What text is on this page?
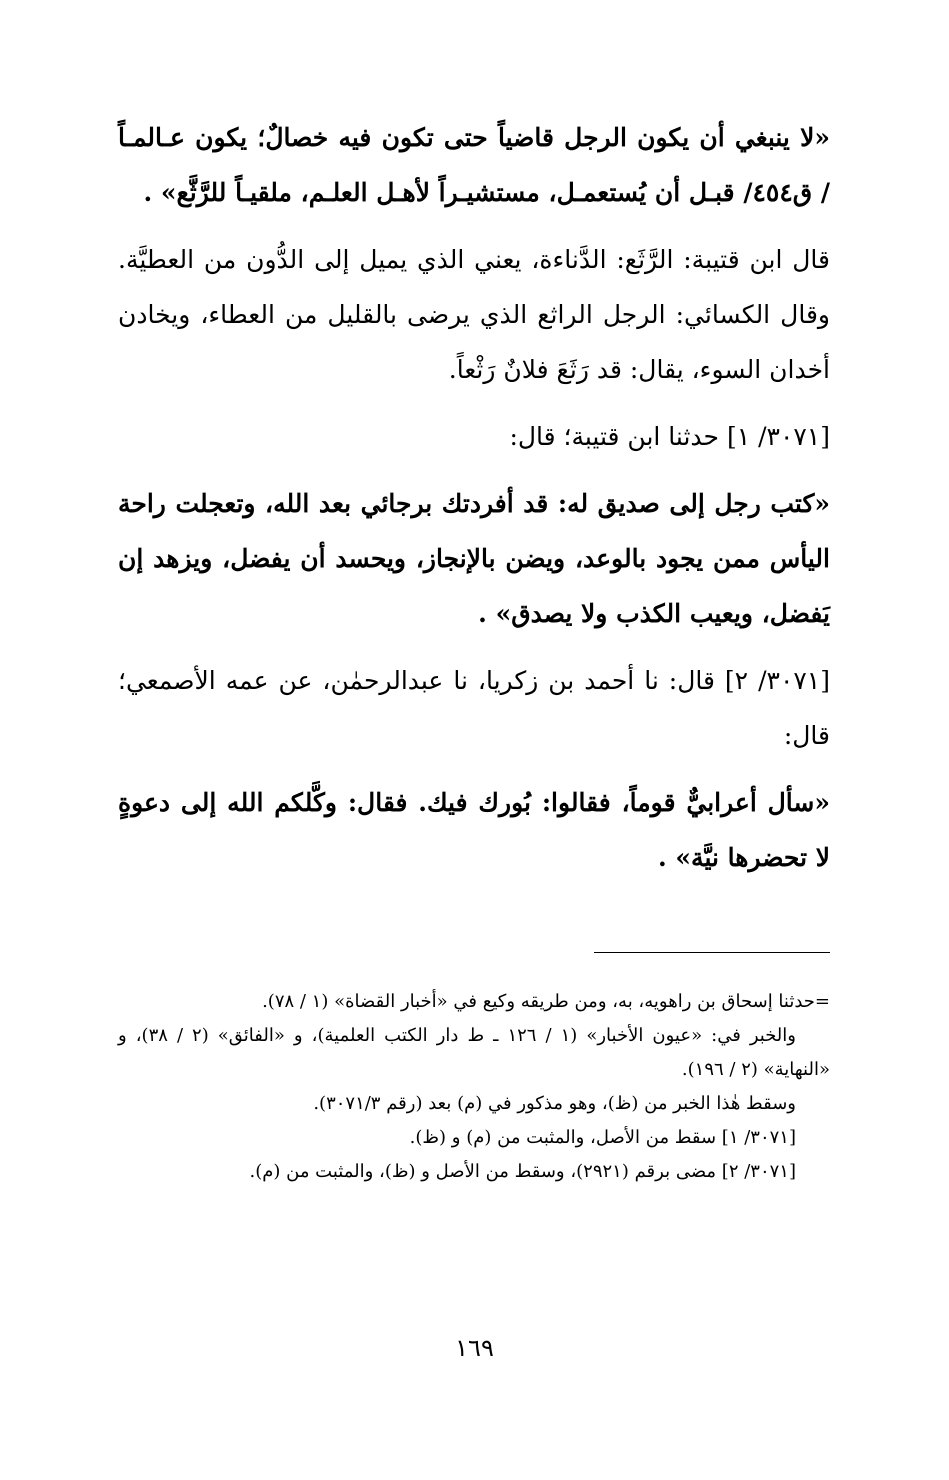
«لا ينبغي أن يكون الرجل قاضياً حتى تكون فيه خصالٌ؛ يكون عـالمـاً / ق٤٥٤/ قبـل أن يُستعمـل، مستشيـراً لأهـل العلـم، ملقيـاً للرَّثَّع» .

قال ابن قتيبة: الرَّثَع: الدَّناءة، يعني الذي يميل إلى الدُّون من العطيَّة. وقال الكسائي: الرجل الراثع الذي يرضى بالقليل من العطاء، ويخادن أخدان السوء، يقال: قد رَثَعَ فلانٌ رَثْعاً.

[٣٠٧١/ ١] حدثنا ابن قتيبة؛ قال:

«كتب رجل إلى صديق له: قد أفردتك برجائي بعد الله، وتعجلت راحة اليأس ممن يجود بالوعد، ويضن بالإنجاز، ويحسد أن يفضل، ويزهد إن يَفضل، ويعيب الكذب ولا يصدق» .

[٣٠٧١/ ٢] قال: نا أحمد بن زكريا، نا عبدالرحمٰن، عن عمه الأصمعي؛ قال:

«سأل أعرابيٌّ قوماً، فقالوا: بُورك فيك. فقال: وكَّلكم الله إلى دعوةٍ لا تحضرها نيَّة» .

=حدثنا إسحاق بن راهويه، به، ومن طريقه وكيع في «أخبار القضاة» (١ / ٧٨).

والخبر في: «عيون الأخبار» (١ / ١٢٦ ـ ط دار الكتب العلمية)، و «الفائق» (٢ / ٣٨)، و «النهاية» (٢ / ١٩٦).

وسقط هٰذا الخبر من (ظ)، وهو مذكور في (م) بعد (رقم ٣٠٧١/٣).

[٣٠٧١/ ١] سقط من الأصل، والمثبت من (م) و (ظ).

[٣٠٧١/ ٢] مضى برقم (٢٩٢١)، وسقط من الأصل و (ظ)، والمثبت من (م).

١٦٩
